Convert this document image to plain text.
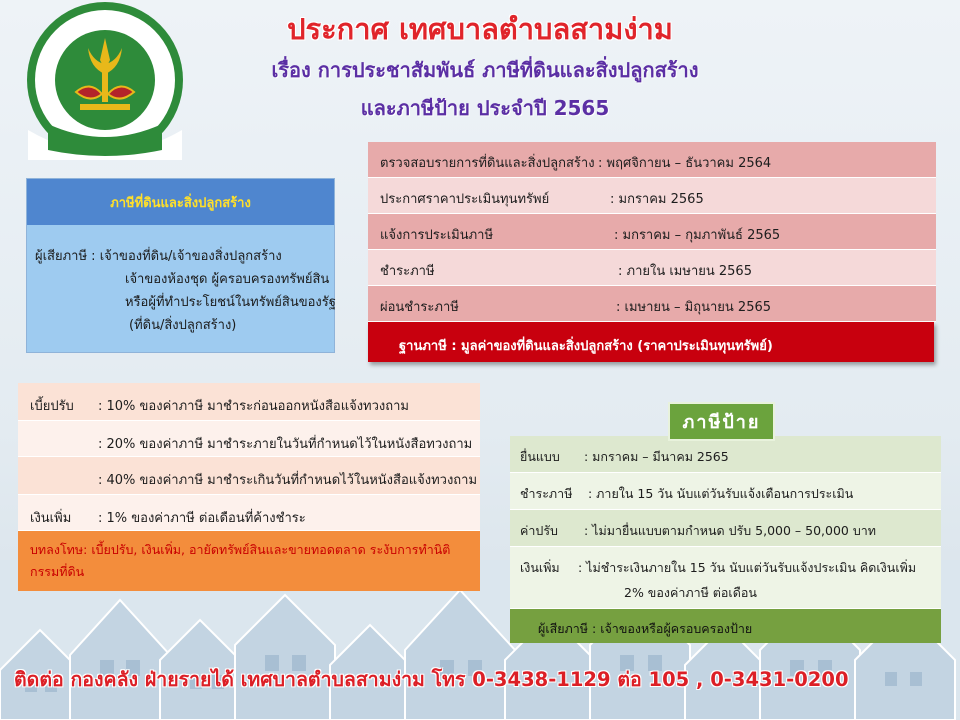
ประกาศ เทศบาลตำบลสามง่าม
เรื่อง การประชาสัมพันธ์ ภาษีที่ดินและสิ่งปลูกสร้าง
และภาษีป้าย ประจำปี 2565
ภาษีที่ดินและสิ่งปลูกสร้าง
ผู้เสียภาษี : เจ้าของที่ดิน/เจ้าของสิ่งปลูกสร้าง
เจ้าของห้องชุด ผู้ครอบครองทรัพย์สิน
หรือผู้ที่ทำประโยชน์ในทรัพย์สินของรัฐ
(ที่ดิน/สิ่งปลูกสร้าง)
ตรวจสอบรายการที่ดินและสิ่งปลูกสร้าง : พฤศจิกายน – ธันวาคม 2564
ประกาศราคาประเมินทุนทรัพย์	: มกราคม 2565
แจ้งการประเมินภาษี	: มกราคม – กุมภาพันธ์ 2565
ชำระภาษี	: ภายใน เมษายน 2565
ผ่อนชำระภาษี	: เมษายน – มิถุนายน 2565
ฐานภาษี : มูลค่าของที่ดินและสิ่งปลูกสร้าง (ราคาประเมินทุนทรัพย์)
เบี้ยปรับ : 10% ของค่าภาษี มาชำระก่อนออกหนังสือแจ้งทวงถาม
: 20% ของค่าภาษี มาชำระภายในวันที่กำหนดไว้ในหนังสือทวงถาม
: 40% ของค่าภาษี มาชำระเกินวันที่กำหนดไว้ในหนังสือแจ้งทวงถาม
เงินเพิ่ม : 1% ของค่าภาษี ต่อเดือนที่ค้างชำระ
บทลงโทษ: เบี้ยปรับ, เงินเพิ่ม, อายัดทรัพย์สินและขายทอดตลาด ระงับการทำนิติ
กรรมที่ดิน
ยื่นแบบ : มกราคม – มีนาคม 2565
ชำระภาษี : ภายใน 15 วัน นับแต่วันรับแจ้งเตือนการประเมิน
ค่าปรับ : ไม่มายื่นแบบตามกำหนด ปรับ 5,000 – 50,000 บาท
เงินเพิ่ม : ไม่ชำระเงินภายใน 15 วัน นับแต่วันรับแจ้งประเมิน คิดเงินเพิ่ม
2% ของค่าภาษี ต่อเดือน
ผู้เสียภาษี : เจ้าของหรือผู้ครอบครองป้าย
ภาษีป้าย
ติดต่อ กองคลัง ฝ่ายรายได้ เทศบาลตำบลสามง่าม โทร 0-3438-1129 ต่อ 105 , 0-3431-0200
